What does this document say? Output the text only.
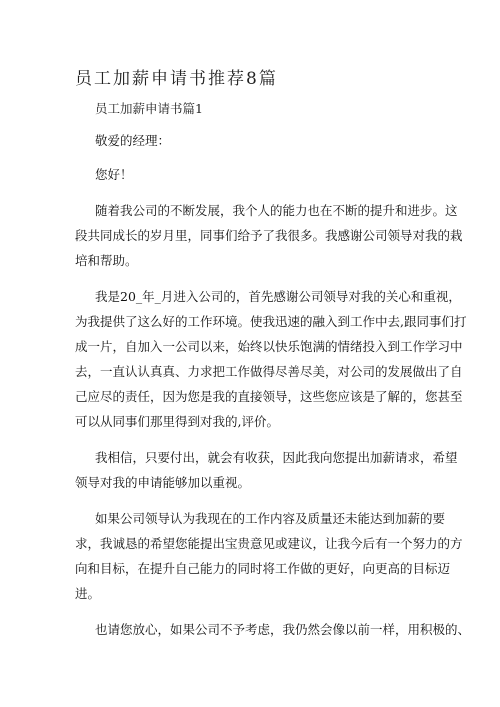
员工加薪申请书推荐8篇
员工加薪申请书篇1
敬爱的经理：
您好！
随着我公司的不断发展，我个人的能力也在不断的提升和进步。这
段共同成长的岁月里，同事们给予了我很多。我感谢公司领导对我的栽
培和帮助。
我是20_年_月进入公司的，首先感谢公司领导对我的关心和重视，
为我提供了这么好的工作环境。使我迅速的融入到工作中去,跟同事们打
成一片，自加入一公司以来，始终以快乐饱满的情绪投入到工作学习中
去，一直认认真真、力求把工作做得尽善尽美，对公司的发展做出了自
己应尽的责任，因为您是我的直接领导，这些您应该是了解的，您甚至
可以从同事们那里得到对我的,评价。
我相信，只要付出，就会有收获，因此我向您提出加薪请求，希望
领导对我的申请能够加以重视。
如果公司领导认为我现在的工作内容及质量还未能达到加薪的要
求，我诚恳的希望您能提出宝贵意见或建议，让我今后有一个努力的方
向和目标，在提升自己能力的同时将工作做的更好，向更高的目标迈
进。
也请您放心，如果公司不予考虑，我仍然会像以前一样，用积极的、
